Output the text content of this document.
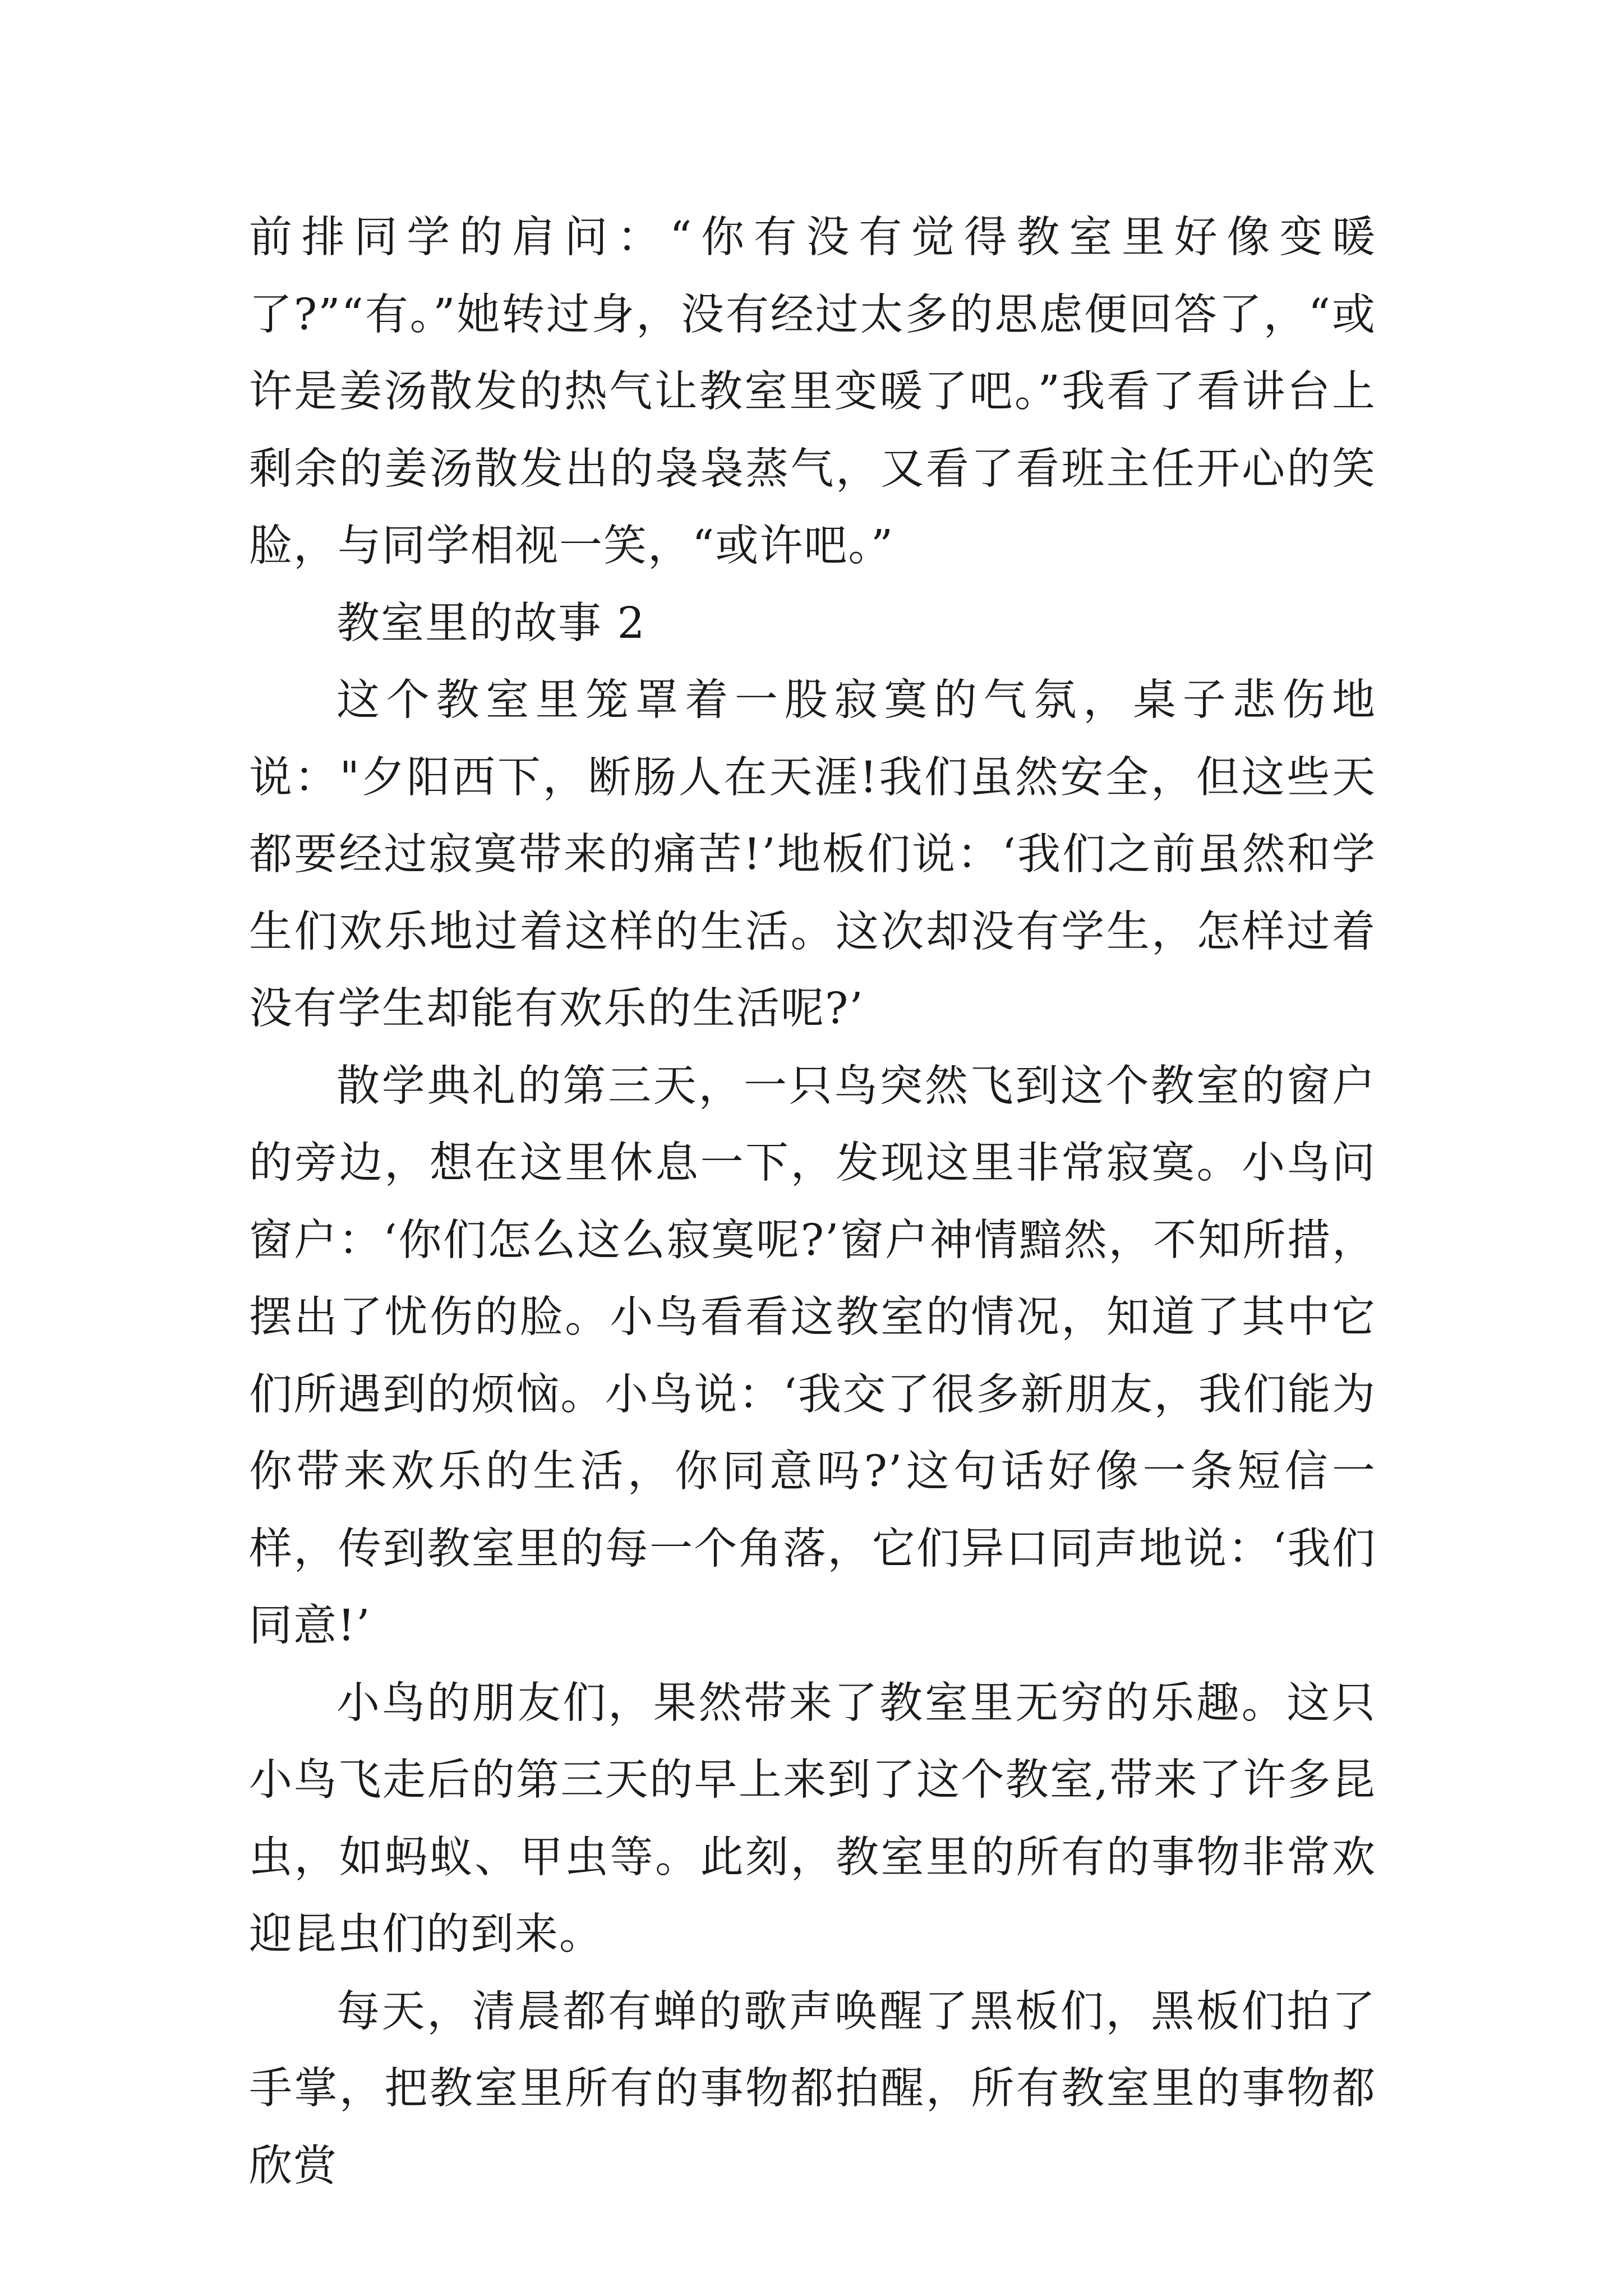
前排同学的肩问：“你有没有觉得教室里好像变暖了?”“有。”她转过身，没有经过太多的思虑便回答了，“或许是姜汤散发的热气让教室里变暖了吧。”我看了看讲台上剩余的姜汤散发出的袅袅蒸气，又看了看班主任开心的笑脸，与同学相视一笑，“或许吧。”

教室里的故事 2

这个教室里笼罩着一股寂寞的气氛，桌子悲伤地说："夕阳西下，断肠人在天涯!我们虽然安全，但这些天都要经过寂寞带来的痛苦!’地板们说：‘我们之前虽然和学生们欢乐地过着这样的生活。这次却没有学生，怎样过着没有学生却能有欢乐的生活呢?’

散学典礼的第三天，一只鸟突然飞到这个教室的窗户的旁边，想在这里休息一下，发现这里非常寂寞。小鸟问窗户：‘你们怎么这么寂寞呢?’窗户神情黯然，不知所措，摆出了忧伤的脸。小鸟看看这教室的情况，知道了其中它们所遇到的烦恼。小鸟说：‘我交了很多新朋友，我们能为你带来欢乐的生活，你同意吗?’这句话好像一条短信一样，传到教室里的每一个角落，它们异口同声地说：‘我们同意!’

小鸟的朋友们，果然带来了教室里无穷的乐趣。这只小鸟飞走后的第三天的早上来到了这个教室,带来了许多昆虫，如蚂蚁、甲虫等。此刻，教室里的所有的事物非常欢迎昆虫们的到来。

每天，清晨都有蝉的歌声唤醒了黑板们，黑板们拍了手掌，把教室里所有的事物都拍醒，所有教室里的事物都欣赏
